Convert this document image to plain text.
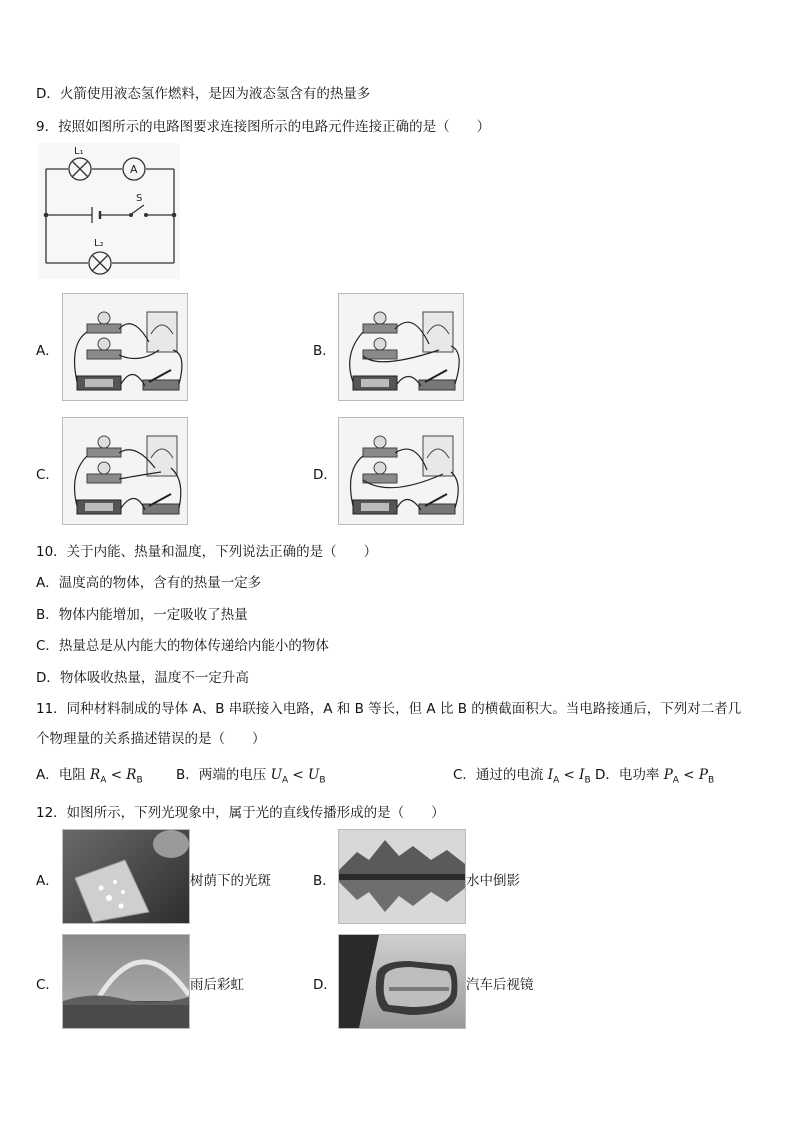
D．火箭使用液态氢作燃料，是因为液态氢含有的热量多
9．按照如图所示的电路图要求连接图所示的电路元件连接正确的是（　　）
L₁
A
S
L₂
A．	B．
C．	D．
10．关于内能、热量和温度，下列说法正确的是（　　）
A．温度高的物体，含有的热量一定多
B．物体内能增加，一定吸收了热量
C．热量总是从内能大的物体传递给内能小的物体
D．物体吸收热量，温度不一定升高
11．同种材料制成的导体 A、B 串联接入电路，A 和 B 等长，但 A 比 B 的横截面积大。当电路接通后，下列对二者几
个物理量的关系描述错误的是（　　）
A．电阻 $R_A < R_B$ B．两端的电压 $U_A < U_B$	C．通过的电流 $I_A < I_B$ D．电功率 $P_A < P_B$
12．如图所示，下列光现象中，属于光的直线传播形成的是（　　）
A．	树荫下的光斑	B．	水中倒影
C．	雨后彩虹	D．	汽车后视镜
